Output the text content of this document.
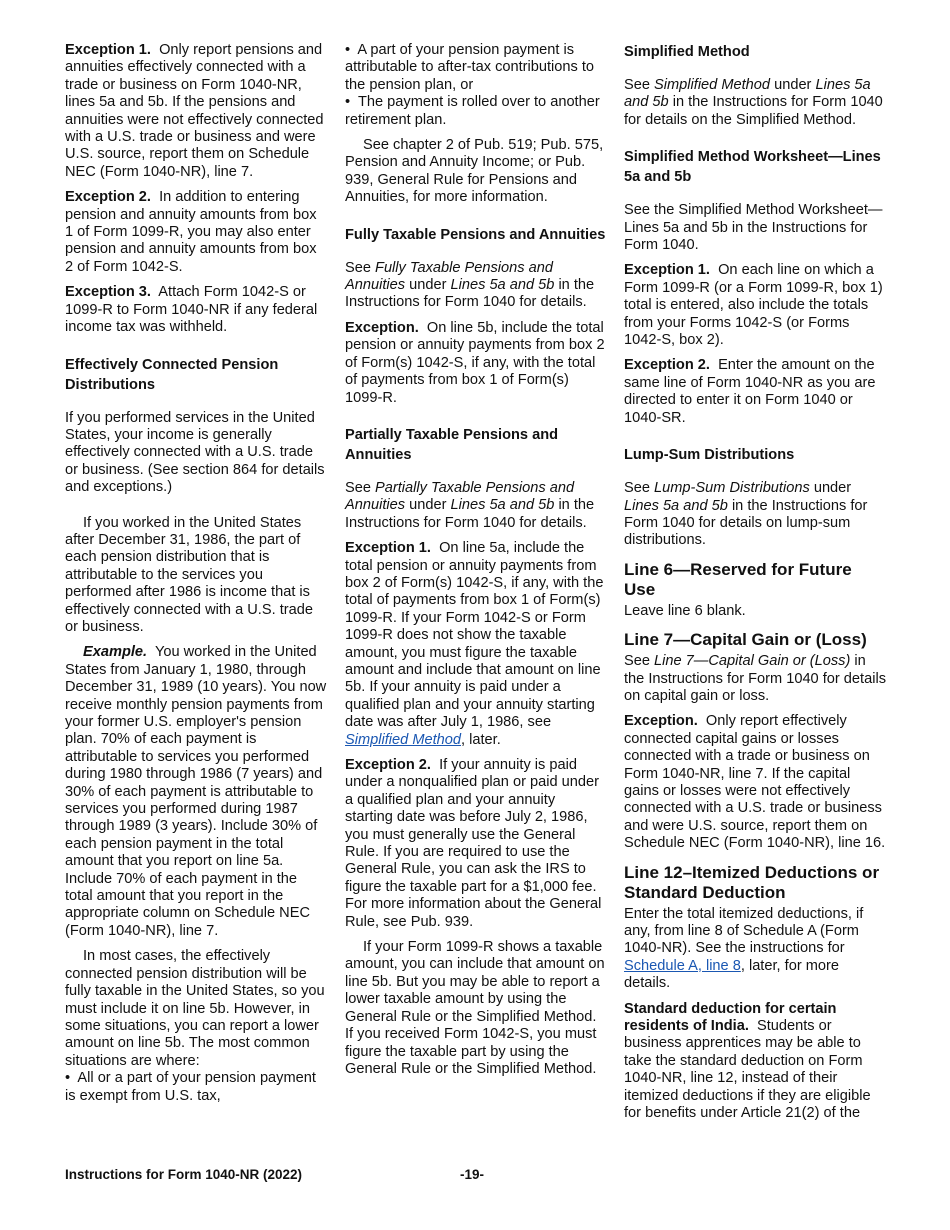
Exception 1. Only report pensions and annuities effectively connected with a trade or business on Form 1040-NR, lines 5a and 5b. If the pensions and annuities were not effectively connected with a U.S. trade or business and were U.S. source, report them on Schedule NEC (Form 1040-NR), line 7.

Exception 2. In addition to entering pension and annuity amounts from box 1 of Form 1099-R, you may also enter pension and annuity amounts from box 2 of Form 1042-S.

Exception 3. Attach Form 1042-S or 1099-R to Form 1040-NR if any federal income tax was withheld.

Effectively Connected Pension Distributions

If you performed services in the United States, your income is generally effectively connected with a U.S. trade or business. (See section 864 for details and exceptions.)

If you worked in the United States after December 31, 1986, the part of each pension distribution that is attributable to the services you performed after 1986 is income that is effectively connected with a U.S. trade or business.

Example. You worked in the United States from January 1, 1980, through December 31, 1989 (10 years). You now receive monthly pension payments from your former U.S. employer's pension plan. 70% of each payment is attributable to services you performed during 1980 through 1986 (7 years) and 30% of each payment is attributable to services you performed during 1987 through 1989 (3 years). Include 30% of each pension payment in the total amount that you report on line 5a. Include 70% of each payment in the total amount that you report in the appropriate column on Schedule NEC (Form 1040-NR), line 7.

In most cases, the effectively connected pension distribution will be fully taxable in the United States, so you must include it on line 5b. However, in some situations, you can report a lower amount on line 5b. The most common situations are where:

• All or a part of your pension payment is exempt from U.S. tax,

• A part of your pension payment is attributable to after-tax contributions to the pension plan, or

• The payment is rolled over to another retirement plan.

See chapter 2 of Pub. 519; Pub. 575, Pension and Annuity Income; or Pub. 939, General Rule for Pensions and Annuities, for more information.

Fully Taxable Pensions and Annuities

See Fully Taxable Pensions and Annuities under Lines 5a and 5b in the Instructions for Form 1040 for details.

Exception. On line 5b, include the total pension or annuity payments from box 2 of Form(s) 1042-S, if any, with the total of payments from box 1 of Form(s) 1099-R.

Partially Taxable Pensions and Annuities

See Partially Taxable Pensions and Annuities under Lines 5a and 5b in the Instructions for Form 1040 for details.

Exception 1. On line 5a, include the total pension or annuity payments from box 2 of Form(s) 1042-S, if any, with the total of payments from box 1 of Form(s) 1099-R. If your Form 1042-S or Form 1099-R does not show the taxable amount, you must figure the taxable amount and include that amount on line 5b. If your annuity is paid under a qualified plan and your annuity starting date was after July 1, 1986, see Simplified Method, later.

Exception 2. If your annuity is paid under a nonqualified plan or paid under a qualified plan and your annuity starting date was before July 2, 1986, you must generally use the General Rule. If you are required to use the General Rule, you can ask the IRS to figure the taxable part for a $1,000 fee. For more information about the General Rule, see Pub. 939.

If your Form 1099-R shows a taxable amount, you can include that amount on line 5b. But you may be able to report a lower taxable amount by using the General Rule or the Simplified Method. If you received Form 1042-S, you must figure the taxable part by using the General Rule or the Simplified Method.

Simplified Method

See Simplified Method under Lines 5a and 5b in the Instructions for Form 1040 for details on the Simplified Method.

Simplified Method Worksheet—Lines 5a and 5b

See the Simplified Method Worksheet—Lines 5a and 5b in the Instructions for Form 1040.

Exception 1. On each line on which a Form 1099-R (or a Form 1099-R, box 1) total is entered, also include the totals from your Forms 1042-S (or Forms 1042-S, box 2).

Exception 2. Enter the amount on the same line of Form 1040-NR as you are directed to enter it on Form 1040 or 1040-SR.

Lump-Sum Distributions

See Lump-Sum Distributions under Lines 5a and 5b in the Instructions for Form 1040 for details on lump-sum distributions.

Line 6—Reserved for Future Use

Leave line 6 blank.

Line 7—Capital Gain or (Loss)

See Line 7—Capital Gain or (Loss) in the Instructions for Form 1040 for details on capital gain or loss.

Exception. Only report effectively connected capital gains or losses connected with a trade or business on Form 1040-NR, line 7. If the capital gains or losses were not effectively connected with a U.S. trade or business and were U.S. source, report them on Schedule NEC (Form 1040-NR), line 16.

Line 12–Itemized Deductions or Standard Deduction

Enter the total itemized deductions, if any, from line 8 of Schedule A (Form 1040-NR). See the instructions for Schedule A, line 8, later, for more details.

Standard deduction for certain residents of India. Students or business apprentices may be able to take the standard deduction on Form 1040-NR, line 12, instead of their itemized deductions if they are eligible for benefits under Article 21(2) of the

Instructions for Form 1040-NR (2022)	-19-
